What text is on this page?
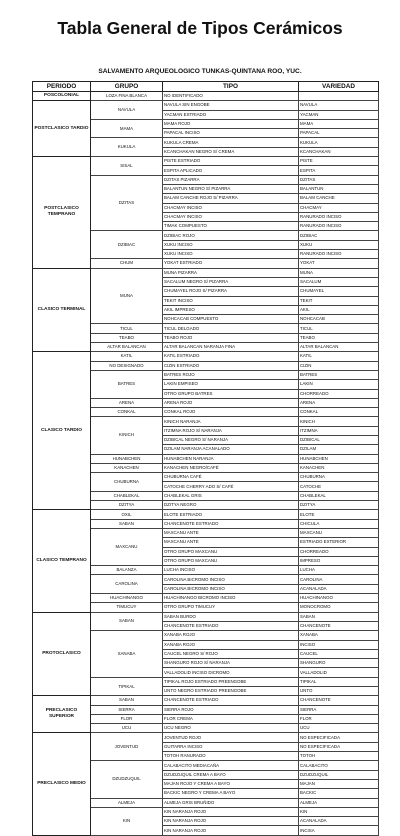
Tabla General de Tipos Cerámicos
SALVAMENTO ARQUEOLOGICO TUNKAS-QUINTANA ROO, YUC.
PERIODO	GRUPO	TIPO	VARIEDAD
POSCOLONIAL	LOZA FINA BLANCA	NO IDENTIFICADO	
POSTCLASICO TARDIO	NAVULA	NAVULA SIN ENGOBE	NAVULA
		YACMAN ESTRIADO	YACMAN
	MAMA	MAMA ROJO	MAMA
		PAPACAL INCISO	PAPACAL
	KUKULA	KUKULA CREMA	KUKULA
		KCANCHAKAN NEGRO S/ CREMA	KCANCHAKAN
POSTCLASICO TEMPRANO	SISAL	PISTE ESTRIADO	PISTE
		ESPITA APLICADO	ESPITA
	DZITAS	DZITAS PIZARRA	DZITAS
		BALANTUN NEGRO S/ PIZARRA	BALANTUN
		BALAM CANCHE ROJO S/ PIZARRA	BALAM CANCHE
		CHACMAY INCISO	CHACMAY
		CHACMAY INCISO	RANURADO INCISO
		TIMAK COMPUESTO	RANURADO INCISO
	DZIBIAC	DZIBIAC ROJO	DZIBIAC
		XUKU INCISO	XUKU
		XUKU INCISO	RANURADO INCISO
	CHUM	YOKAT ESTRIADO	YOKAT
CLASICO TERMINAL	MUNA	MUNA PIZARRA	MUNA
		SACALUM NEGRO S/ PIZARRA	SACALUM
		CHUMAYEL ROJO S/ PIZARRA	CHUMAYEL
		TEKIT INCISO	TEKIT
		AKIL IMPRESO	AKIL
		NOHCACAB COMPUESTO	NOHCACAB
	TICUL	TICUL DELGADO	TICUL
	TEABO	TEABO ROJO	TEABO
	ALTAR BALANCAN	ALTAR BALANCAN NARANJA FINA	ALTAR BALANCAN
CLASICO TARDIO	KATIL	KATIL ESTRIADO	KATIL
	NO DESIGNADO	CIZIN ESTRIADO	CIZIN
	BATRES	BATRES ROJO	BATRES
		LAKIN EMPISEO	LAKIN
		OTRO GRUPO BATRES	CHORREADO
	ARENA	ARENA ROJO	ARENA
	CONKAL	CONKAL ROJO	CONKAL
	KINICH	KINICH NARANJA	KINICH
		ITZIMNA ROJO S/ NARANJA	ITZIMNA
		DZIBICAL NEGRO S/ NARANJA	DZIBICAL
		DZILAM NARANJA ACANALADO	DZILAM
	HUNABCHEN	HUNABCHEN NARANJA	HUNABCHEN
	KANACHEN	KANACHEN NEGRO/CAFÉ	KANACHEN
	CHUBURNA	CHUBURNA CAFÉ	CHUBURNA
		CATOCHE CHERRY ADO S/ CAFÉ	CATOCHE
	CHABLEKAL	CHABLEKAL GRIS	CHABLEKAL
	DZITYA	DZITYA NEGRO	DZITYA
CLASICO TEMPRANO	OXIL	ELOTE ESTRIADO	ELOTE
	SABAN	CHANCENOTE ESTRIADO	CHICULA
	MAXCANU	MAXCANU ANTE	MAXCANU
		MAXCANU ANTE	ESTRIADO EXTERIOR
		OTRO GRUPO MAXCANU	CHORREADO
		OTRO GRUPO MAXCANU	IMPRESO
	BALANZA	LUCHA INCISO	LUCHA
	CAROLINA	CAROLINA BICROMO INCISO	CAROLINA
		CAROLINA BICROMO INCISO	ACANALADA
	HUACHINANGO	HUACHINANGO BICROMO INCISO	HUACHINANGO
	TIMUCUY	OTRO GRUPO TIMUCUY	MONOCROMO
PROTOCLASICO	SABAN	SABAN BURDO	SABAN
		CHANCENOTE ESTRIADO	CHANCENOTE
	XANABA	XANABA ROJO	XANABA
		XANABA ROJO	INCISO
		CAUCEL NEGRO S/ ROJO	CAUCEL
		SHANGURO ROJO S/ NARANJA	SHANGURO
		VALLADOLID INCISO DICROMO	VALLADOLID
	TIPIKAL	TIPIKAL ROJO ESTRIADO PREENGOBE	TIPIKAL
		UNTO NEGRO ESTRIADO PREENGOBE	UNTO
PRECLASICO SUPERIOR	SABAN	CHANCENOTE ESTRIADO	CHANCENOTE
	SIERRA	SIERRA ROJO	SIERRA
	FLOR	FLOR CREMA	FLOR
	UCU	UCU NEGRO	UCU
PRECLASICO MEDIO	JOVENTUD	JOVENTUD ROJO	NO ESPECIFICADA
		GUITARRA INCISO	NO ESPECIFICADA
		TOTOH RANURADO	TOTOH
	DZUDZUQUIL	CALABACITO MEDIACAÑA	CALABACITO
		DZUDZUQUIL CREMA A BAYO	DZUDZUQUIL
		MAJAN ROJO Y CREMA A BAYO	MAJAN
		BACKIC NEGRO Y CREMA A BAYO	BACKIC
	ALMEJA	ALMEJA GRIS BRUÑIDO	ALMEJA
	KIN	KIN NARANJA ROJO	KIN
		KIN NARANJA ROJO	ACANALADA
		KIN NARANJA ROJO	INCISA
